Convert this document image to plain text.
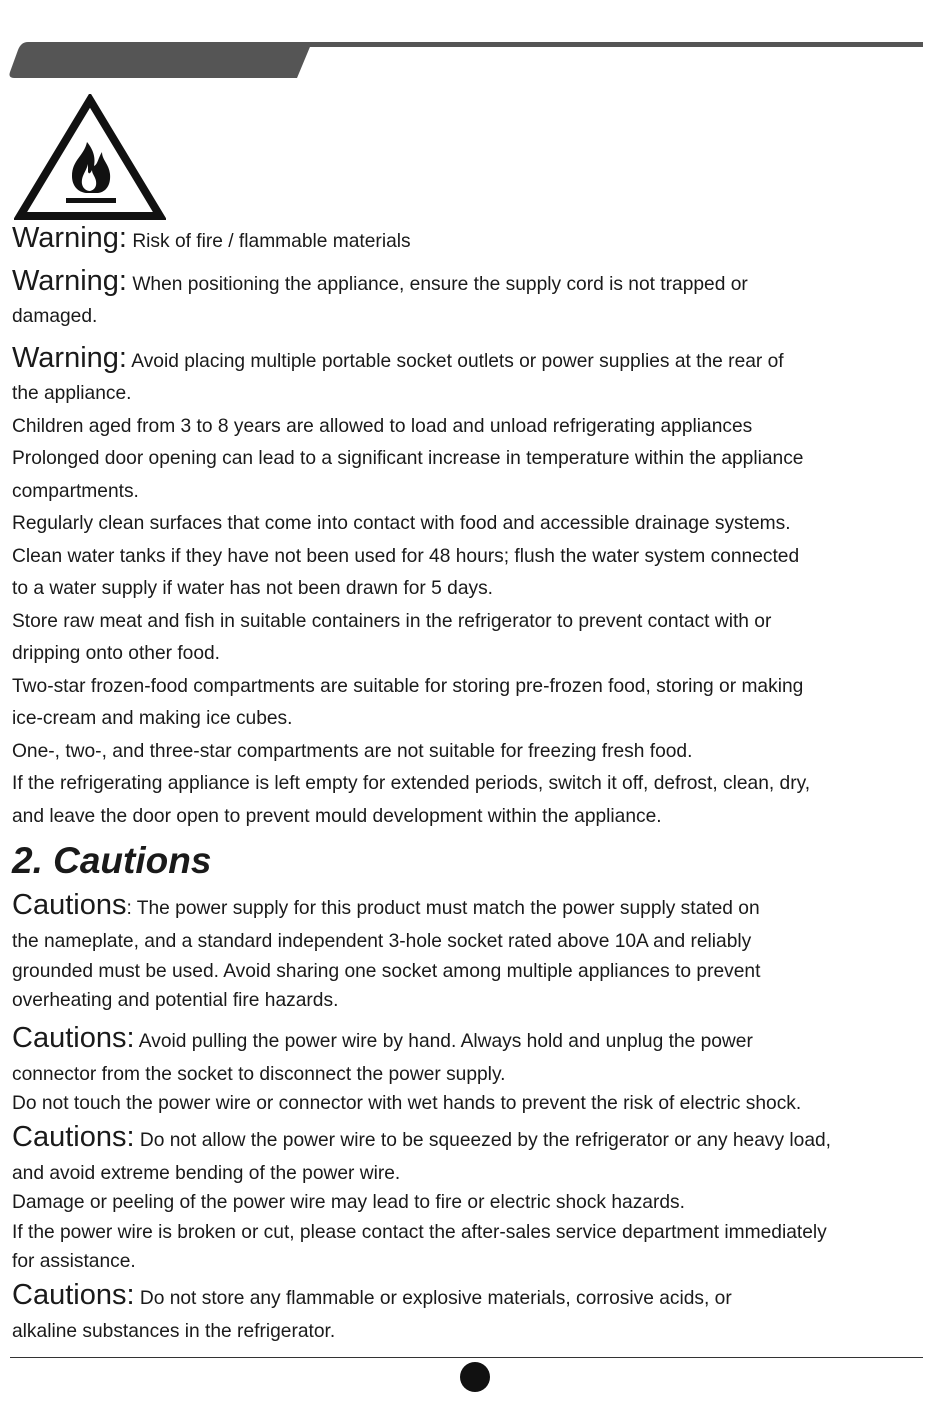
Warning: Risk of fire / flammable materials
Warning: When positioning the appliance, ensure the supply cord is not trapped or
damaged.
Warning: Avoid placing multiple portable socket outlets or power supplies at the rear of
the appliance.
Children aged from 3 to 8 years are allowed to load and unload refrigerating appliances
Prolonged door opening can lead to a significant increase in temperature within the appliance
compartments.
Regularly clean surfaces that come into contact with food and accessible drainage systems.
Clean water tanks if they have not been used for 48 hours; flush the water system connected
to a water supply if water has not been drawn for 5 days.
Store raw meat and fish in suitable containers in the refrigerator to prevent contact with or
dripping onto other food.
Two-star frozen-food compartments are suitable for storing pre-frozen food, storing or making
ice-cream and making ice cubes.
One-, two-, and three-star compartments are not suitable for freezing fresh food.
If the refrigerating appliance is left empty for extended periods, switch it off, defrost, clean, dry,
and leave the door open to prevent mould development within the appliance.
2. Cautions
Cautions: The power supply for this product must match the power supply stated on
the nameplate, and a standard independent 3-hole socket rated above 10A and reliably
grounded must be used. Avoid sharing one socket among multiple appliances to prevent
overheating and potential fire hazards.
Cautions: Avoid pulling the power wire by hand. Always hold and unplug the power
connector from the socket to disconnect the power supply.
Do not touch the power wire or connector with wet hands to prevent the risk of electric shock.
Cautions: Do not allow the power wire to be squeezed by the refrigerator or any heavy load,
and avoid extreme bending of the power wire.
Damage or peeling of the power wire may lead to fire or electric shock hazards.
If the power wire is broken or cut, please contact the after-sales service department immediately
for assistance.
Cautions: Do not store any flammable or explosive materials, corrosive acids, or
alkaline substances in the refrigerator.
